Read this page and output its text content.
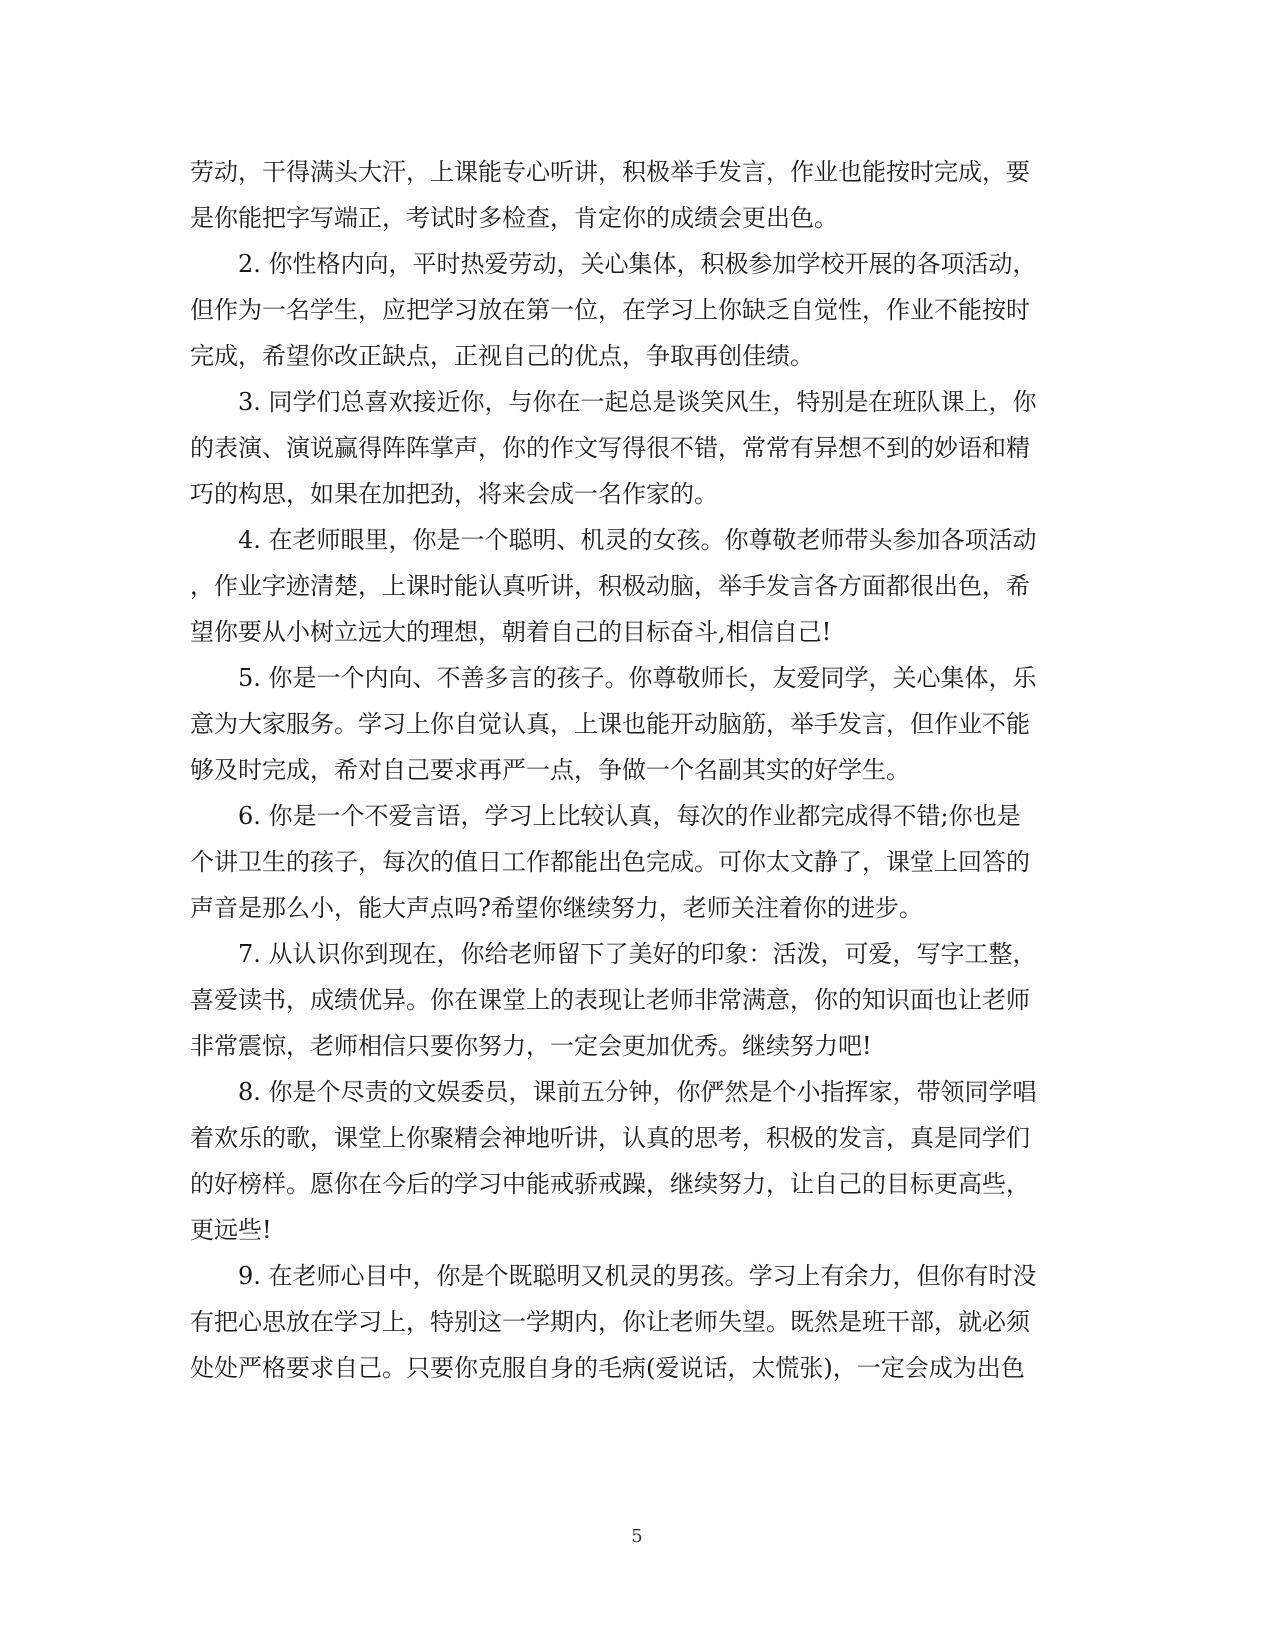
劳动，干得满头大汗，上课能专心听讲，积极举手发言，作业也能按时完成，要
是你能把字写端正，考试时多检查，肯定你的成绩会更出色。
2. 你性格内向，平时热爱劳动，关心集体，积极参加学校开展的各项活动，
但作为一名学生，应把学习放在第一位，在学习上你缺乏自觉性，作业不能按时
完成，希望你改正缺点，正视自己的优点，争取再创佳绩。
3. 同学们总喜欢接近你，与你在一起总是谈笑风生，特别是在班队课上，你
的表演、演说赢得阵阵掌声，你的作文写得很不错，常常有异想不到的妙语和精
巧的构思，如果在加把劲，将来会成一名作家的。
4. 在老师眼里，你是一个聪明、机灵的女孩。你尊敬老师带头参加各项活动
，作业字迹清楚，上课时能认真听讲，积极动脑，举手发言各方面都很出色，希
望你要从小树立远大的理想，朝着自己的目标奋斗,相信自己!
5. 你是一个内向、不善多言的孩子。你尊敬师长，友爱同学，关心集体，乐
意为大家服务。学习上你自觉认真，上课也能开动脑筋，举手发言，但作业不能
够及时完成，希对自己要求再严一点，争做一个名副其实的好学生。
6. 你是一个不爱言语，学习上比较认真，每次的作业都完成得不错;你也是
个讲卫生的孩子，每次的值日工作都能出色完成。可你太文静了，课堂上回答的
声音是那么小，能大声点吗?希望你继续努力，老师关注着你的进步。
7. 从认识你到现在，你给老师留下了美好的印象：活泼，可爱，写字工整，
喜爱读书，成绩优异。你在课堂上的表现让老师非常满意，你的知识面也让老师
非常震惊，老师相信只要你努力，一定会更加优秀。继续努力吧!
8. 你是个尽责的文娱委员，课前五分钟，你俨然是个小指挥家，带领同学唱
着欢乐的歌，课堂上你聚精会神地听讲，认真的思考，积极的发言，真是同学们
的好榜样。愿你在今后的学习中能戒骄戒躁，继续努力，让自己的目标更高些，
更远些!
9. 在老师心目中，你是个既聪明又机灵的男孩。学习上有余力，但你有时没
有把心思放在学习上，特别这一学期内，你让老师失望。既然是班干部，就必须
处处严格要求自己。只要你克服自身的毛病(爱说话，太慌张)，一定会成为出色
5
